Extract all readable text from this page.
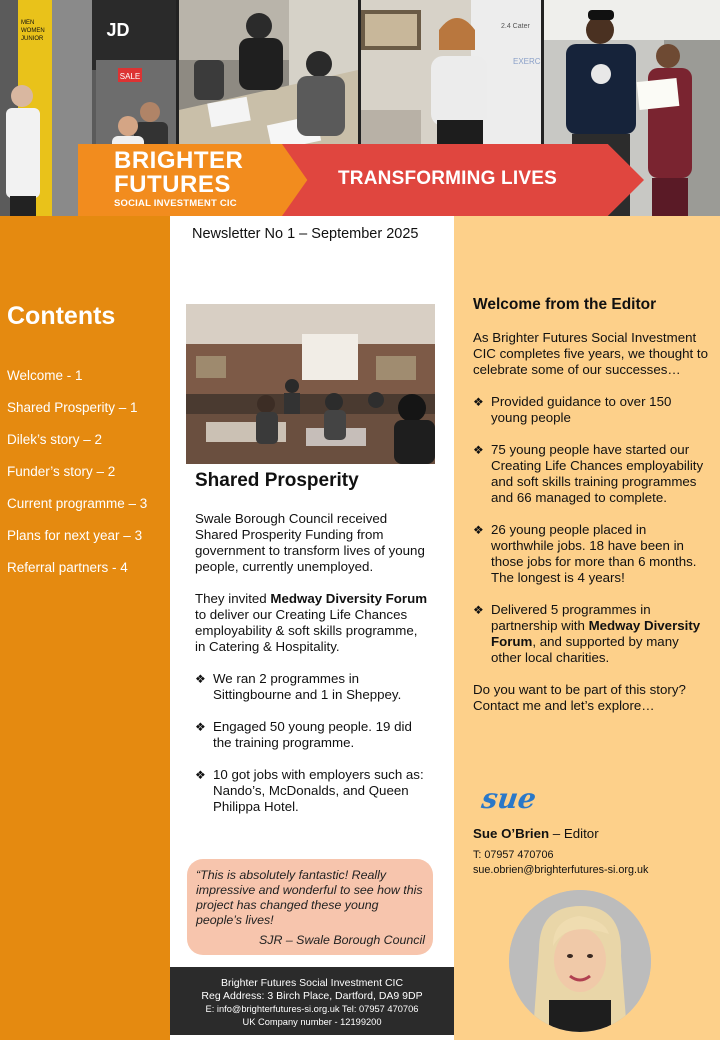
SALE
JD
MEN
WOMEN
JUNIOR
2.4 Cater
EXERC
BRIGHTER
FUTURES
SOCIAL INVESTMENT CIC
TRANSFORMING LIVES
Contents
Welcome - 1
Shared Prosperity – 1
Dilek’s story – 2
Funder’s story – 2
Current programme – 3
Plans for next year – 3
Referral partners - 4
Newsletter No 1 – September 2025
Shared Prosperity

Swale Borough Council received Shared Prosperity Funding from government to transform lives of young people, currently unemployed.

They invited Medway Diversity Forum to deliver our Creating Life Chances employability & soft skills programme, in Catering & Hospitality.

❖ We ran 2 programmes in Sittingbourne and 1 in Sheppey.
❖ Engaged 50 young people. 19 did the training programme.
❖ 10 got jobs with employers such as: Nando’s, McDonalds, and Queen Philippa Hotel.
“This is absolutely fantastic! Really impressive and wonderful to see how this project has changed these young people’s lives!
SJR – Swale Borough Council
Brighter Futures Social Investment CIC
Reg Address: 3 Birch Place, Dartford, DA9 9DP
E: info@brighterfutures-si.org.uk Tel: 07957 470706
UK Company number - 12199200
Welcome from the Editor

As Brighter Futures Social Investment CIC completes five years, we thought to celebrate some of our successes…

❖ Provided guidance to over 150 young people
❖ 75 young people have started our Creating Life Chances employability and soft skills training programmes and 66 managed to complete.
❖ 26 young people placed in worthwhile jobs. 18 have been in those jobs for more than 6 months. The longest is 4 years!
❖ Delivered 5 programmes in partnership with Medway Diversity Forum, and supported by many other local charities.

Do you want to be part of this story? Contact me and let’s explore…

sue
Sue O’Brien – Editor
T: 07957 470706
sue.obrien@brighterfutures-si.org.uk
